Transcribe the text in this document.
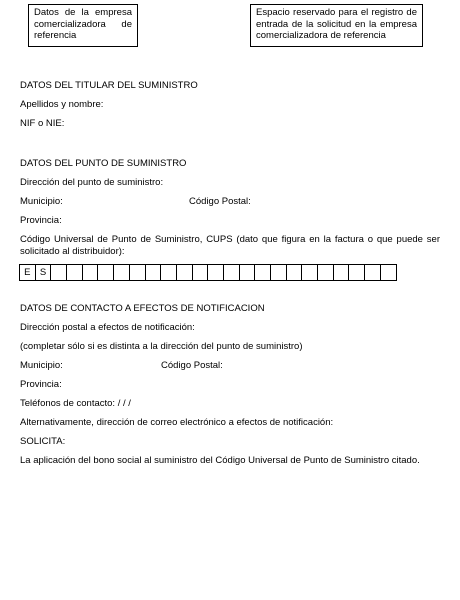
Datos de la empresa comercializadora de referencia
Espacio reservado para el registro de entrada de la solicitud en la empresa comercializadora de referencia
DATOS DEL TITULAR DEL SUMINISTRO
Apellidos y nombre:
NIF o NIE:
DATOS DEL PUNTO DE SUMINISTRO
Dirección del punto de suministro:
Municipio:	Código Postal:
Provincia:
Código Universal de Punto de Suministro, CUPS (dato que figura en la factura o que puede ser solicitado al distribuidor):
E S
DATOS DE CONTACTO A EFECTOS DE NOTIFICACION
Dirección postal a efectos de notificación:
(completar sólo si es distinta a la dirección del punto de suministro)
Municipio:	Código Postal:
Provincia:
Teléfonos de contacto: / / /
Alternativamente, dirección de correo electrónico a efectos de notificación:
SOLICITA:
La aplicación del bono social al suministro del Código Universal de Punto de Suministro citado.
